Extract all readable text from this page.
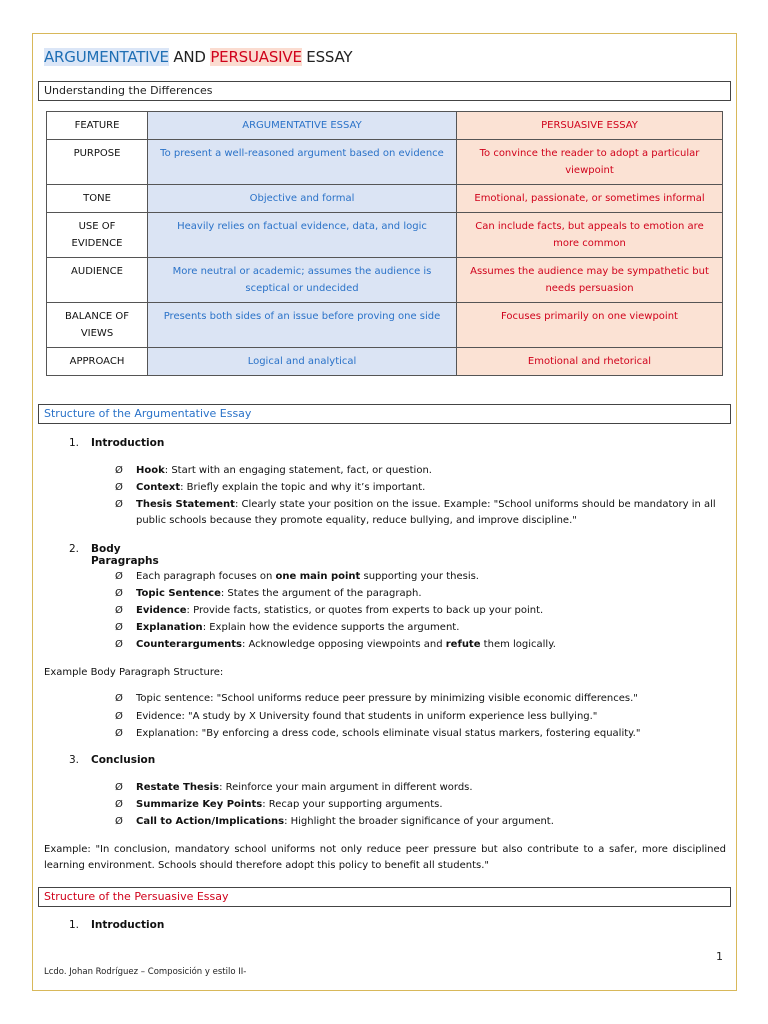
ARGUMENTATIVE AND PERSUASIVE ESSAY
Understanding the Differences
FEATURE	ARGUMENTATIVE ESSAY	PERSUASIVE ESSAY
PURPOSE	To present a well-reasoned argument based on evidence	To convince the reader to adopt a particular viewpoint
TONE	Objective and formal	Emotional, passionate, or sometimes informal
USE OF EVIDENCE	Heavily relies on factual evidence, data, and logic	Can include facts, but appeals to emotion are more common
AUDIENCE	More neutral or academic; assumes the audience is sceptical or undecided	Assumes the audience may be sympathetic but needs persuasion
BALANCE OF VIEWS	Presents both sides of an issue before proving one side	Focuses primarily on one viewpoint
APPROACH	Logical and analytical	Emotional and rhetorical
Structure of the Argumentative Essay
1. Introduction
Ø Hook: Start with an engaging statement, fact, or question.
Ø Context: Briefly explain the topic and why it’s important.
Ø Thesis Statement: Clearly state your position on the issue. Example: "School uniforms should be mandatory in all public schools because they promote equality, reduce bullying, and improve discipline."
2. Body Paragraphs
Ø Each paragraph focuses on one main point supporting your thesis.
Ø Topic Sentence: States the argument of the paragraph.
Ø Evidence: Provide facts, statistics, or quotes from experts to back up your point.
Ø Explanation: Explain how the evidence supports the argument.
Ø Counterarguments: Acknowledge opposing viewpoints and refute them logically.
Example Body Paragraph Structure:
Ø Topic sentence: "School uniforms reduce peer pressure by minimizing visible economic differences."
Ø Evidence: "A study by X University found that students in uniform experience less bullying."
Ø Explanation: "By enforcing a dress code, schools eliminate visual status markers, fostering equality."
3. Conclusion
Ø Restate Thesis: Reinforce your main argument in different words.
Ø Summarize Key Points: Recap your supporting arguments.
Ø Call to Action/Implications: Highlight the broader significance of your argument.
Example: "In conclusion, mandatory school uniforms not only reduce peer pressure but also contribute to a safer, more disciplined learning environment. Schools should therefore adopt this policy to benefit all students."
Structure of the Persuasive Essay
1. Introduction
1
Lcdo. Johan Rodríguez – Composición y estilo II-
